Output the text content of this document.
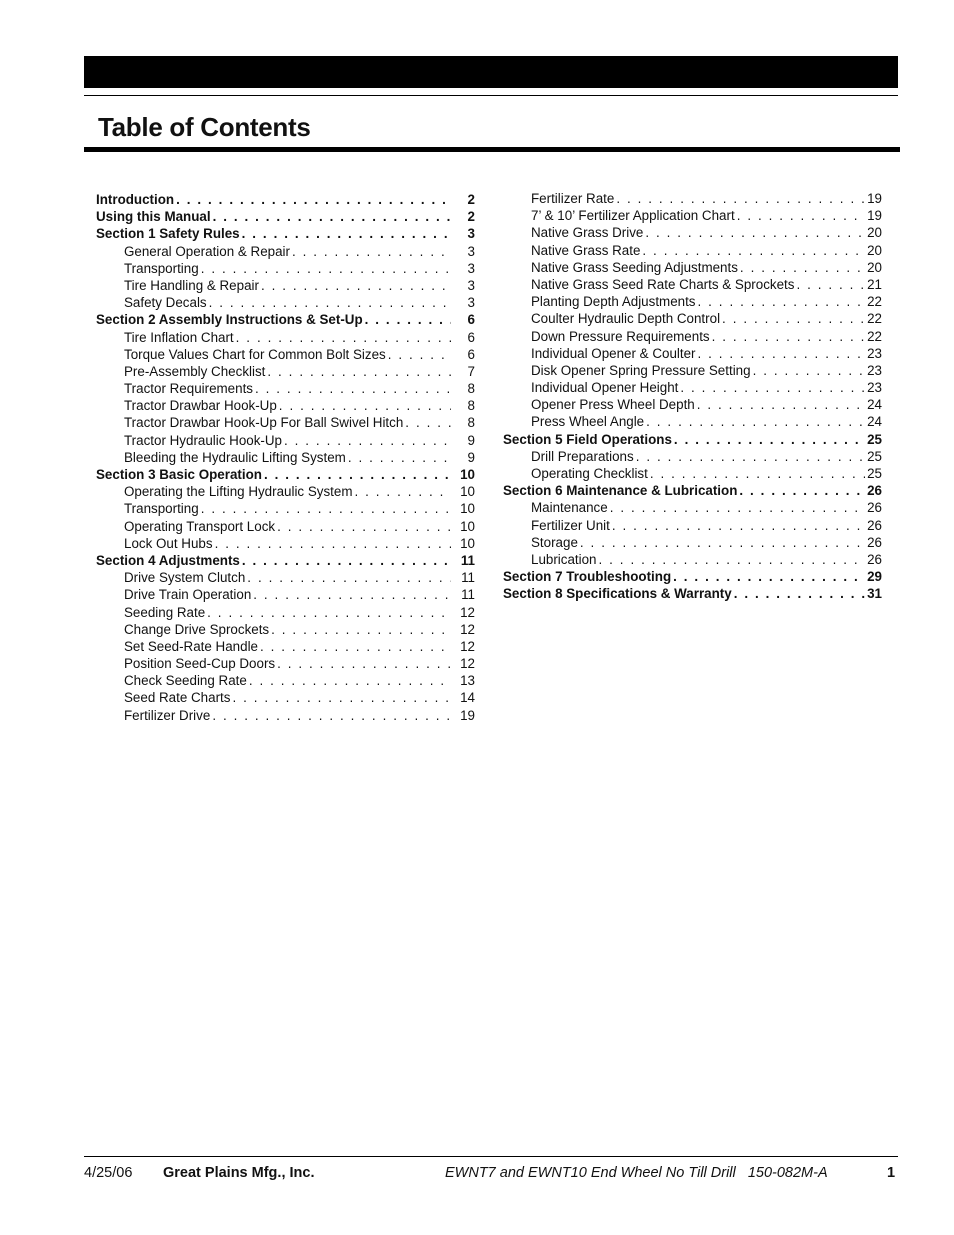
Table of Contents
Introduction . . .	2
Using this Manual . . .	2
Section 1 Safety Rules . . .	3
General Operation & Repair . . .	3
Transporting . . .	3
Tire Handling & Repair . . .	3
Safety Decals . . .	3
Section 2 Assembly Instructions & Set-Up . . .	6
Tire Inflation Chart . . .	6
Torque Values Chart for Common Bolt Sizes . . .	6
Pre-Assembly Checklist . . .	7
Tractor Requirements . . .	8
Tractor Drawbar Hook-Up . . .	8
Tractor Drawbar Hook-Up For Ball Swivel Hitch . . .	8
Tractor Hydraulic Hook-Up . . .	9
Bleeding the Hydraulic Lifting System . . .	9
Section 3 Basic Operation . . .	10
Operating the Lifting Hydraulic System . . .	10
Transporting . . .	10
Operating Transport Lock . . .	10
Lock Out Hubs . . .	10
Section 4 Adjustments . . .	11
Drive System Clutch . . .	11
Drive Train Operation . . .	11
Seeding Rate . . .	12
Change Drive Sprockets . . .	12
Set Seed-Rate Handle . . .	12
Position Seed-Cup Doors . . .	12
Check Seeding Rate . . .	13
Seed Rate Charts . . .	14
Fertilizer Drive . . .	19
Fertilizer Rate . . .	19
7’ & 10’ Fertilizer Application Chart . . .	19
Native Grass Drive . . .	20
Native Grass Rate . . .	20
Native Grass Seeding Adjustments . . .	20
Native Grass Seed Rate Charts & Sprockets . . .	21
Planting Depth Adjustments . . .	22
Coulter Hydraulic Depth Control . . .	22
Down Pressure Requirements . . .	22
Individual Opener & Coulter . . .	23
Disk Opener Spring Pressure Setting . . .	23
Individual Opener Height . . .	23
Opener Press Wheel Depth . . .	24
Press Wheel Angle . . .	24
Section 5 Field Operations . . .	25
Drill Preparations . . .	25
Operating Checklist . . .	25
Section 6 Maintenance & Lubrication . . .	26
Maintenance . . .	26
Fertilizer Unit . . .	26
Storage . . .	26
Lubrication . . .	26
Section 7 Troubleshooting . . .	29
Section 8 Specifications & Warranty . . .	31
4/25/06 Great Plains Mfg., Inc.	EWNT7 and EWNT10 End Wheel No Till Drill   150-082M-A	1
